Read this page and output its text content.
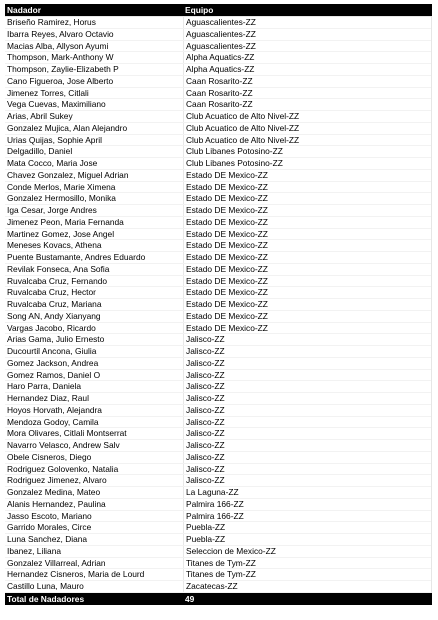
Nadador	Equipo
Briseño Ramirez, Horus	Aguascalientes-ZZ
Ibarra Reyes, Alvaro Octavio	Aguascalientes-ZZ
Macias Alba, Allyson Ayumi	Aguascalientes-ZZ
Thompson, Mark-Anthony W	Alpha Aquatics-ZZ
Thompson, Zaylie-Elizabeth P	Alpha Aquatics-ZZ
Cano Figueroa, Jose Alberto	Caan Rosarito-ZZ
Jimenez Torres, Citlali	Caan Rosarito-ZZ
Vega Cuevas, Maximiliano	Caan Rosarito-ZZ
Arias, Abril Sukey	Club Acuatico de Alto Nivel-ZZ
Gonzalez Mujica, Alan Alejandro	Club Acuatico de Alto Nivel-ZZ
Urias Quijas, Sophie April	Club Acuatico de Alto Nivel-ZZ
Delgadillo, Daniel	Club Libanes Potosino-ZZ
Mata Cocco, Maria Jose	Club Libanes Potosino-ZZ
Chavez Gonzalez, Miguel Adrian	Estado DE Mexico-ZZ
Conde Merlos, Marie Ximena	Estado DE Mexico-ZZ
Gonzalez Hermosillo, Monika	Estado DE Mexico-ZZ
Iga Cesar, Jorge Andres	Estado DE Mexico-ZZ
Jimenez Peon, Maria Fernanda	Estado DE Mexico-ZZ
Martinez Gomez, Jose Angel	Estado DE Mexico-ZZ
Meneses Kovacs, Athena	Estado DE Mexico-ZZ
Puente Bustamante, Andres Eduardo	Estado DE Mexico-ZZ
Revilak Fonseca, Ana Sofia	Estado DE Mexico-ZZ
Ruvalcaba Cruz, Fernando	Estado DE Mexico-ZZ
Ruvalcaba Cruz, Hector	Estado DE Mexico-ZZ
Ruvalcaba Cruz, Mariana	Estado DE Mexico-ZZ
Song AN, Andy Xianyang	Estado DE Mexico-ZZ
Vargas Jacobo, Ricardo	Estado DE Mexico-ZZ
Arias Gama, Julio Ernesto	Jalisco-ZZ
Ducourtil Ancona, Giulia	Jalisco-ZZ
Gomez Jackson, Andrea	Jalisco-ZZ
Gomez Ramos, Daniel O	Jalisco-ZZ
Haro Parra, Daniela	Jalisco-ZZ
Hernandez Diaz, Raul	Jalisco-ZZ
Hoyos Horvath, Alejandra	Jalisco-ZZ
Mendoza Godoy, Camila	Jalisco-ZZ
Mora Olivares, Citlali Montserrat	Jalisco-ZZ
Navarro Velasco, Andrew Salv	Jalisco-ZZ
Obele Cisneros, Diego	Jalisco-ZZ
Rodriguez Golovenko, Natalia	Jalisco-ZZ
Rodriguez Jimenez, Alvaro	Jalisco-ZZ
Gonzalez Medina, Mateo	La Laguna-ZZ
Alanis Hernandez, Paulina	Palmira 166-ZZ
Jasso Escoto, Mariano	Palmira 166-ZZ
Garrido Morales, Circe	Puebla-ZZ
Luna Sanchez, Diana	Puebla-ZZ
Ibanez, Liliana	Seleccion de Mexico-ZZ
Gonzalez Villarreal, Adrian	Titanes de Tym-ZZ
Hernandez Cisneros, Maria de Lourd	Titanes de Tym-ZZ
Castillo Luna, Mauro	Zacatecas-ZZ
Total de Nadadores	49
